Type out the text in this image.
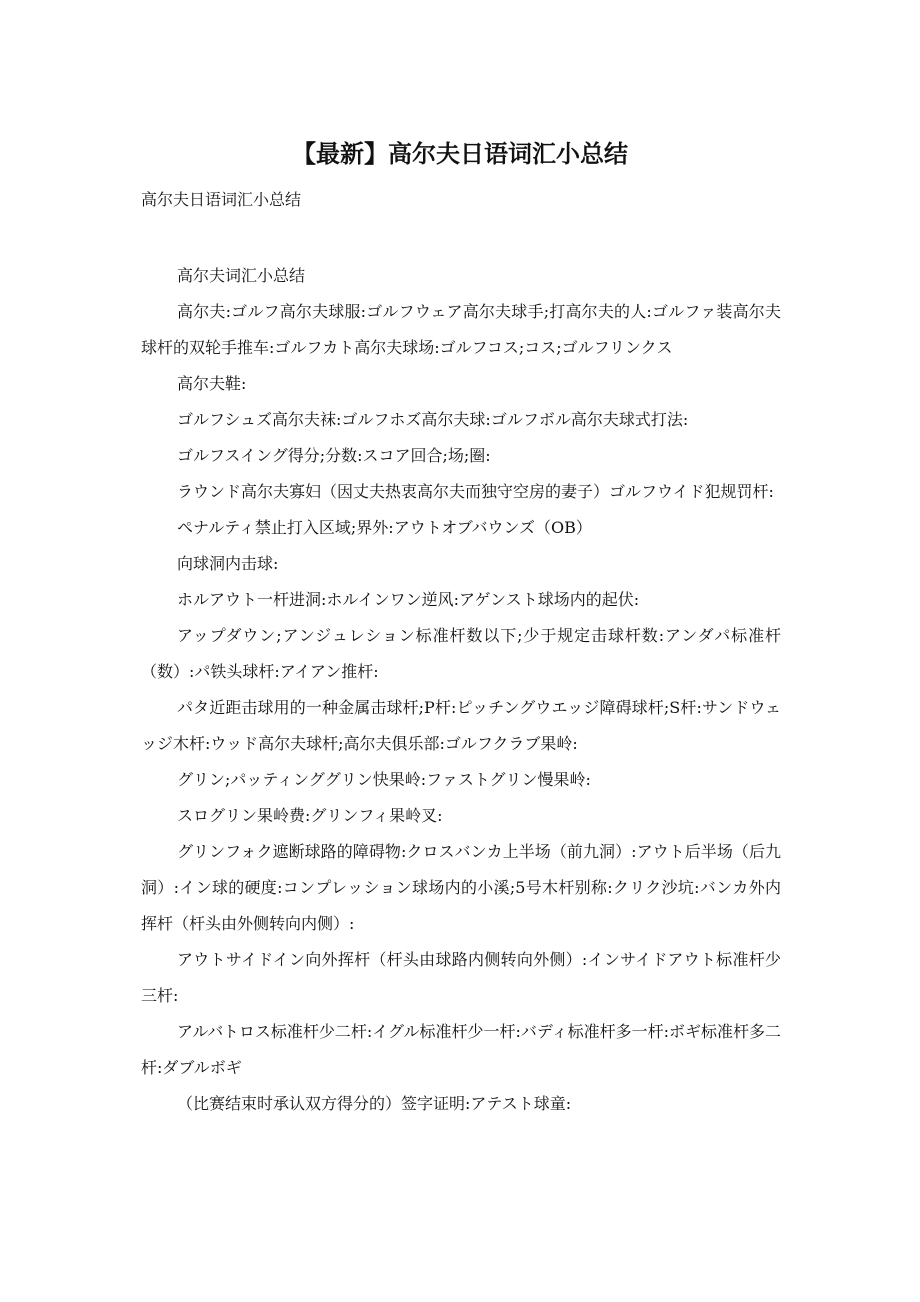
【最新】高尔夫日语词汇小总结

高尔夫日语词汇小总结

高尔夫词汇小总结

高尔夫:ゴルフ高尔夫球服:ゴルフウェア高尔夫球手;打高尔夫的人:ゴルファ装高尔夫球杆的双轮手推车:ゴルフカト高尔夫球场:ゴルフコス;コス;ゴルフリンクス

高尔夫鞋:

ゴルフシュズ高尔夫袜:ゴルフホズ高尔夫球:ゴルフボル高尔夫球式打法:

ゴルフスイング得分;分数:スコア回合;场;圈:

ラウンド高尔夫寡妇（因丈夫热衷高尔夫而独守空房的妻子）ゴルフウイド犯规罚杆:

ペナルティ禁止打入区域;界外:アウトオブバウンズ（OB）

向球洞内击球:

ホルアウト一杆进洞:ホルインワン逆风:アゲンスト球场内的起伏:

アップダウン;アンジュレション标准杆数以下;少于规定击球杆数:アンダパ标准杆（数）:パ铁头球杆:アイアン推杆:

パタ近距击球用的一种金属击球杆;P杆:ピッチングウエッジ障碍球杆;S杆:サンドウェッジ木杆:ウッド高尔夫球杆;高尔夫俱乐部:ゴルフクラブ果岭:

グリン;パッティンググリン快果岭:ファストグリン慢果岭:

スログリン果岭费:グリンフィ果岭叉:

グリンフォク遮断球路的障碍物:クロスバンカ上半场（前九洞）:アウト后半场（后九洞）:イン球的硬度:コンプレッション球场内的小溪;5号木杆别称:クリク沙坑:バンカ外内挥杆（杆头由外侧转向内侧）:

アウトサイドイン向外挥杆（杆头由球路内侧转向外侧）:インサイドアウト标准杆少三杆:

アルバトロス标准杆少二杆:イグル标准杆少一杆:バディ标准杆多一杆:ボギ标准杆多二杆:ダブルボギ

（比赛结束时承认双方得分的）签字证明:アテスト球童:
